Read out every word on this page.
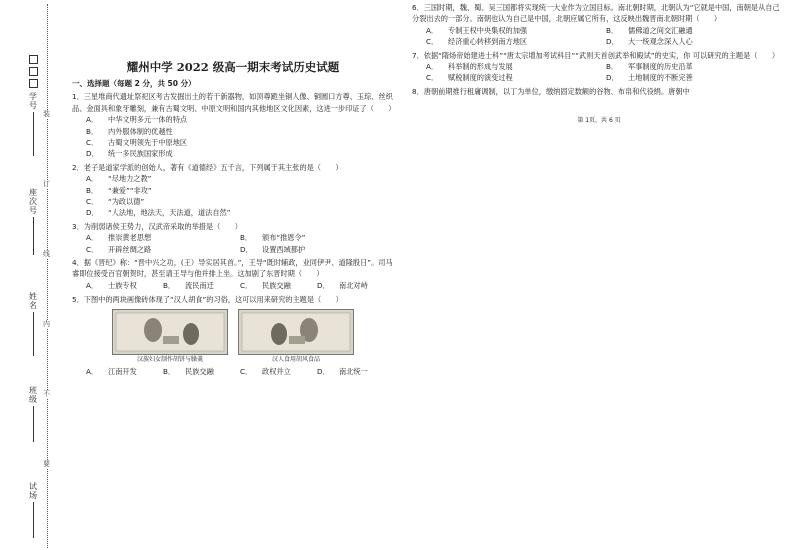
学号
座次号
姓名
班级
试场
装
订
线
内
不
要
耀州中学 2022 级高一期末考试历史试题
一、选择题（每题 2 分，共 50 分）
1．三星堆商代遗址祭祀区考古发掘出土的若干新器物，如顶尊跪坐铜人像、铜圆口方尊、玉琮、丝织品、金面具和象牙雕刻，兼有古蜀文明、中原文明和国内其他地区文化因素，这进一步印证了（　　）
A． 中华文明多元一体的特点
B． 内外服体制的优越性
C． 古蜀文明领先于中原地区
D． 统一多民族国家形成
2．老子是道家学派的创始人，著有《道德经》五千言，下列属于其主张的是（　　）
A． “尽地力之教”
B． “兼爱”“非攻”
C． “为政以德”
D． “人法地，地法天，天法道，道法自然”
3．为削弱诸侯王势力，汉武帝采取的举措是（　　）
A． 推崇黄老思想	B． 颁布“推恩令”
C． 开辟丝绸之路	D． 设置西域都护
4．据《晋纪》称：“晋中兴之功，(王）导实居其首。”，王导“既时辅政，业同伊尹、道隆殷日”。司马睿即位接受百官朝贺时，甚至请王导与他并排上坐。这加剧了东晋时期（　　）
A． 士族专权	B． 流民南迁	C． 民族交融	D． 南北对峙
5．下图中的两块画像砖体现了“汉人胡食”的习俗，这可以用来研究的主题是（　　）
汉族妇女制作胡饼与臊羹	汉人食用胡风食品
A． 江南开发	B． 民族交融	C． 政权并立	D． 南北统一
6．三国时期，魏、蜀、吴三国都将实现统一大业作为立国目标。南北朝时期，北朝认为“它就是中国，南朝是从自己分裂出去的一部分。南朝也认为自己是中国，北朝应属它所有，这反映出魏晋南北朝时期（　　）
A． 专制王权中央集权的加强	B． 儒佛道之间交汇融通
C． 经济重心转移到南方地区	D． 大一统观念深入人心
7．依据“隋炀帝始建进士科”“唐太宗增加考试科目”“武则天首创武举和殿试”的史实，你 可以研究的主题是（　　）
A． 科举制的形成与发展	B． 军事制度的历史沿革
C． 赋税制度的演变过程	D． 土地制度的不断完善
8．唐朝前期推行租庸调制，以丁为单位，缴纳固定数额的谷物、布帛和代役绢。唐朝中
第 1页，共 6 页
